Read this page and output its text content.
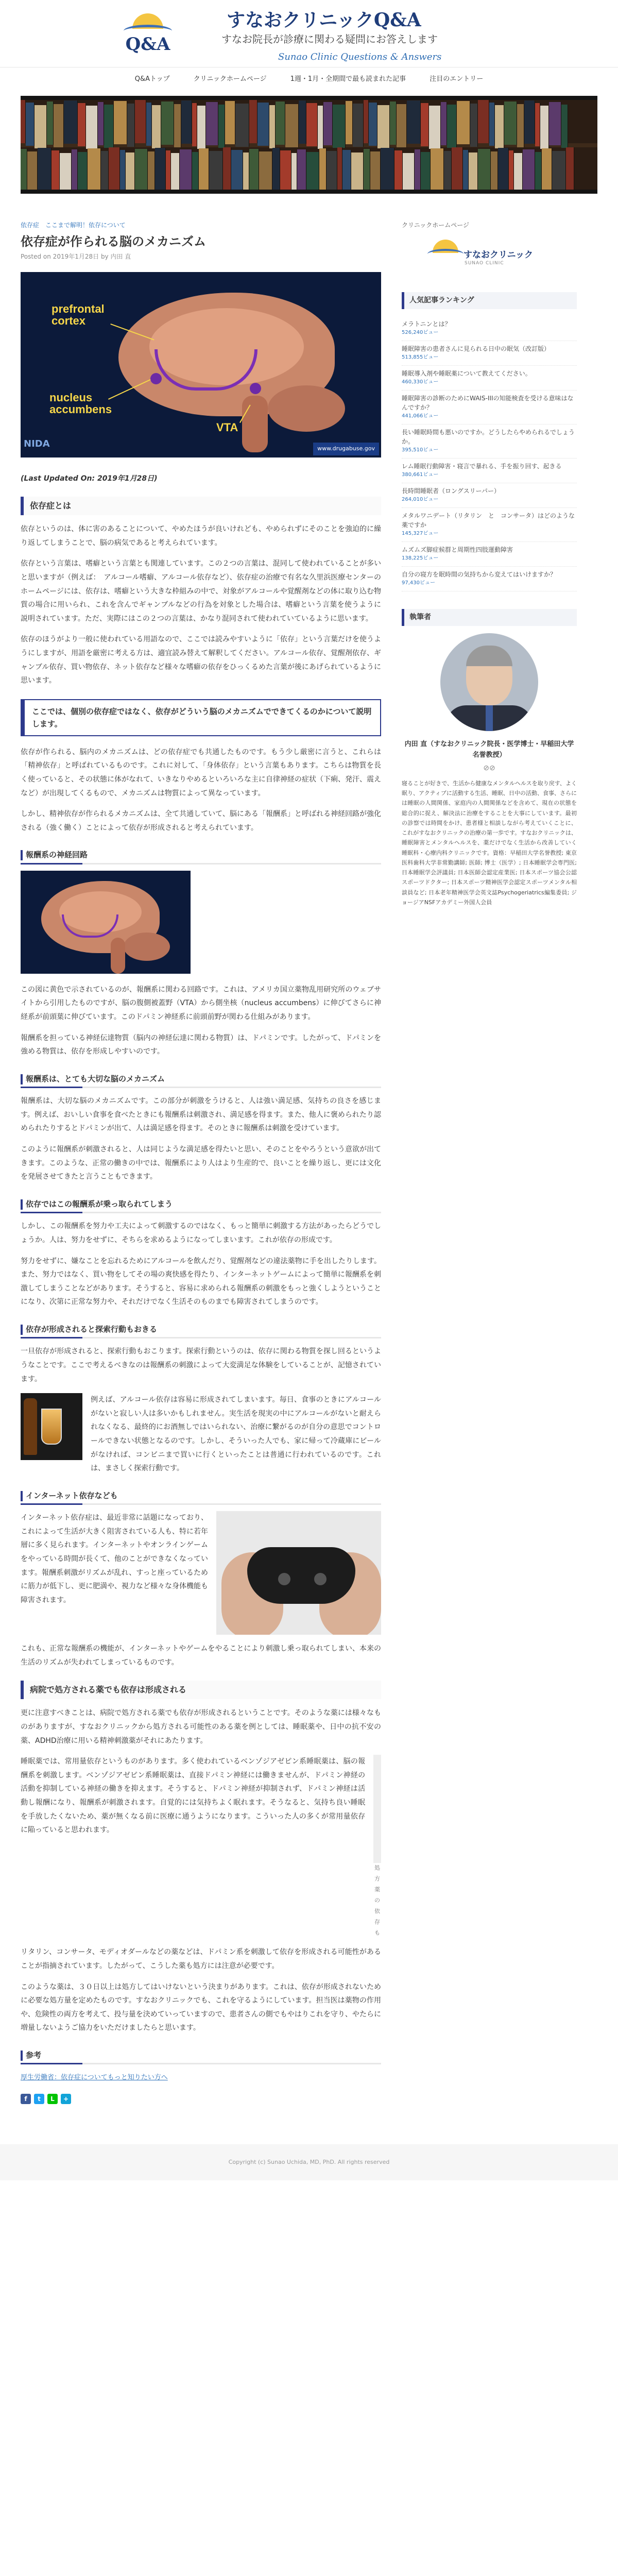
Q&A
すなおクリニックQ&A
すなお院長が診療に関わる疑問にお答えします
Sunao Clinic Questions & Answers
Q&Aトップ	クリニックホームページ	1週・1月・全期間で最も読まれた記事	注目のエントリー
依存症　ここまで解明！依存について
依存症が作られる脳のメカニズム
Posted on 2019年1月28日 by 内田 直
prefrontal
cortex
nucleus
accumbens
VTA
NIDA	www.drugabuse.gov
(Last Updated On: 2019年1月28日)
依存症とは

依存というのは、体に害のあることについて、やめたほうが良いけれども、やめられずにそのことを強迫的に繰り返してしまうことで、脳の病気であると考えられています。

依存という言葉は、嗜癖という言葉とも関連しています。この２つの言葉は、混同して使われていることが多いと思いますが（例えば：　アルコール嗜癖、アルコール依存など）、依存症の治療で有名な久里浜医療センターのホームページには、依存は、嗜癖という大きな枠組みの中で、対象がアルコールや覚醒剤などの体に取り込む物質の場合に用いられ、これを含んでギャンブルなどの行為を対象とした場合は、嗜癖という言葉を使うように説明されています。ただ、実際にはこの２つの言葉は、かなり混同されて使われていているように思います。

依存のほうがより一般に使われている用語なので、ここでは読みやすいように「依存」という言葉だけを使うようにしますが、用語を厳密に考える方は、適宜読み替えて解釈してください。アルコール依存、覚醒剤依存、ギャンブル依存、買い物依存、ネット依存など様々な嗜癖の依存をひっくるめた言葉が後にあげられているように思います。

ここでは、個別の依存症ではなく、依存がどういう脳のメカニズムでできてくるのかについて説明します。

依存が作られる、脳内のメカニズムは、どの依存症でも共通したものです。もう少し厳密に言うと、これらは「精神依存」と呼ばれているものです。これに対して、「身体依存」という言葉もあります。こちらは物質を長く使っていると、その状態に体がなれて、いきなりやめるといろいろな主に自律神経の症状（下痢、発汗、震えなど）が出現してくるもので、メカニズムは物質によって異なっています。

しかし、精神依存が作られるメカニズムは、全て共通していて、脳にある「報酬系」と呼ばれる神経回路が強化される（強く働く）ことによって依存が形成されると考えられています。

報酬系の神経回路

この図に黄色で示されているのが、報酬系に関わる回路です。これは、アメリカ国立薬物乱用研究所のウェブサイトから引用したものですが、脳の腹側被蓋野（VTA）から側坐核（nucleus accumbens）に伸びてさらに神経系が前頭葉に伸びています。このドパミン神経系に前頭前野が関わる仕組みがあります。

報酬系を担っている神経伝達物質（脳内の神経伝達に関わる物質）は、ドパミンです。したがって、ドパミンを強める物質は、依存を形成しやすいのです。

報酬系は、とても大切な脳のメカニズム

報酬系は、大切な脳のメカニズムです。この部分が刺激をうけると、人は強い満足感、気持ちの良さを感じます。例えば、おいしい食事を食べたときにも報酬系は刺激され、満足感を得ます。また、他人に褒められたり認められたりするとドパミンが出て、人は満足感を得ます。そのときに報酬系は刺激を受けています。

このように報酬系が刺激されると、人は同じような満足感を得たいと思い、そのことをやろうという意欲が出てきます。このような、正常の働きの中では、報酬系により人はより生産的で、良いことを繰り返し、更には文化を発展させてきたと言うこともできます。

依存ではこの報酬系が乗っ取られてしまう

しかし、この報酬系を努力や工夫によって刺激するのではなく、もっと簡単に刺激する方法があったらどうでしょうか。人は、努力をせずに、そちらを求めるようになってしまいます。これが依存の形成です。

努力をせずに、嫌なことを忘れるためにアルコールを飲んだり、覚醒剤などの違法薬物に手を出したりします。また、努力ではなく、買い物をしてその場の爽快感を得たり、インターネットゲームによって簡単に報酬系を刺激してしまうことなどがあります。そうすると、容易に求められる報酬系の刺激をもっと強くしようということになり、次第に正常な努力や、それだけでなく生活そのものまでも障害されてしまうのです。

依存が形成されると探索行動もおきる

一旦依存が形成されると、探索行動もおこります。探索行動というのは、依存に関わる物質を探し回るというようなことです。ここで考えるべきなのは報酬系の刺激によって大変満足な体験をしていることが、記憶されています。

例えば、アルコール依存は容易に形成されてしまいます。毎日、食事のときにアルコールがないと寂しい人は多いかもしれません。実生活を現実の中にアルコールがないと耐えられなくなる、最終的にお酒無しではいられない、治療に繋がるのが自分の意思でコントロールできない状態となるのです。しかし、そういった人でも、家に帰って冷蔵庫にビールがなければ、コンビニまで買いに行くといったことは普通に行われているのです。これは、まさしく探索行動です。

インターネット依存なども

インターネット依存症は、最近非常に話題になっており、これによって生活が大きく阻害されている人も、特に若年層に多く見られます。インターネットやオンラインゲームをやっている時間が長くて、他のことができなくなっています。報酬系刺激がリズムが乱れ、すっと座っているために筋力が低下し、更に肥満や、視力など様々な身体機能も障害されます。

これも、正常な報酬系の機能が、インターネットやゲームをやることにより刺激し乗っ取られてしまい、本来の生活のリズムが失われてしまっているものです。

病院で処方される薬でも依存は形成される

更に注意すべきことは、病院で処方される薬でも依存が形成されるということです。そのような薬には様々なものがありますが、すなおクリニックから処方される可能性のある薬を例としては、睡眠薬や、日中の抗不安の薬、ADHD治療に用いる精神刺激薬がそれにあたります。

睡眠薬では、常用量依存というものがあります。多く使われているベンゾジアゼピン系睡眠薬は、脳の報酬系を刺激します。ベンゾジアゼピン系睡眠薬は、直接ドパミン神経には働きませんが、ドパミン神経の活動を抑制している神経の働きを抑えます。そうすると、ドパミン神経が抑制されず、ドパミン神経は活動し報酬になり、報酬系が刺激されます。自覚的には気持ちよく眠れます。そうなると、気持ち良い睡眠を手放したくないため、薬が無くなる前に医療に通うようになります。こういった人の多くが常用量依存に陥っていると思われます。

処方薬の依存も

リタリン、コンサータ、モディオダールなどの薬などは、ドパミン系を刺激して依存を形成される可能性があることが指摘されています。したがって、こうした薬も処方には注意が必要です。

このような薬は、３０日以上は処方してはいけないという決まりがあります。これは、依存が形成されないために必要な処方量を定めたものです。すなおクリニックでも、これを守るようにしています。担当医は薬物の作用や、危険性の両方を考えて、投与量を決めていっていますので、患者さんの側でもやはりこれを守り、やたらに増量しないようご協力をいただけましたらと思います。

参考
厚生労働省：依存症についてもっと知りたい方へ
f	t	L	+
クリニックホームページ
すなおクリニック
SUNAO CLINIC
人気記事ランキング
メラトニンとは？
526,240ビュー
睡眠障害の患者さんに見られる日中の眠気（改訂版）
513,855ビュー
睡眠導入剤や睡眠薬について教えてください。
460,330ビュー
睡眠障害の診断のためにWAIS-IIIの知能検査を受ける意味はなんですか？
441,066ビュー
長い睡眠時間も悪いのですか。どうしたらやめられるでしょうか。
395,510ビュー
レム睡眠行動障害・寝言で暴れる、手を振り回す、起きる
380,661ビュー
長時間睡眠者（ロングスリーパー）
264,010ビュー
メタルワニデート（リタリン　と　コンサータ）はどのような薬ですか
145,327ビュー
ムズムズ脚症候群と周期性四肢運動障害
138,225ビュー
自分の寝方を眠時間の気持ちから変えてはいけますか？
97,430ビュー
執筆者
内田 直（すなおクリニック院長・医学博士・早稲田大学名誉教授）
⊘⊘
寝ることが好きで、生活から健康なメンタルヘルスを取り戻す、よく眠り、アクティブに活動する生活、睡眠、日中の活動、食事、さらには睡眠の人間関係、家庭内の人間関係などを含めて、現在の状態を総合的に捉え、解決法に治療をすることを大事にしています。最初の診察では時間をかけ、患者様と相談しながら考えていくことに、これがすなおクリニックの治療の第一歩です。すなおクリニックは、睡眠障害とメンタルヘルスを、薬だけでなく生活から改善していく睡眠科・心療内科クリニックです。資格：早稲田大学名誉教授; 東京医科歯科大学非常勤講師; 医師; 博士（医学）; 日本睡眠学会専門医; 日本睡眠学会評議員; 日本医師会認定産業医; 日本スポーツ協会公認スポーツドクター; 日本スポーツ精神医学会認定スポーツメンタル相談員など; 日本老年精神医学会英文誌Psychogeriatrics編集委員; ジョージアNSFアカデミー外国人会員
Copyright (c) Sunao Uchida, MD, PhD. All rights reserved
